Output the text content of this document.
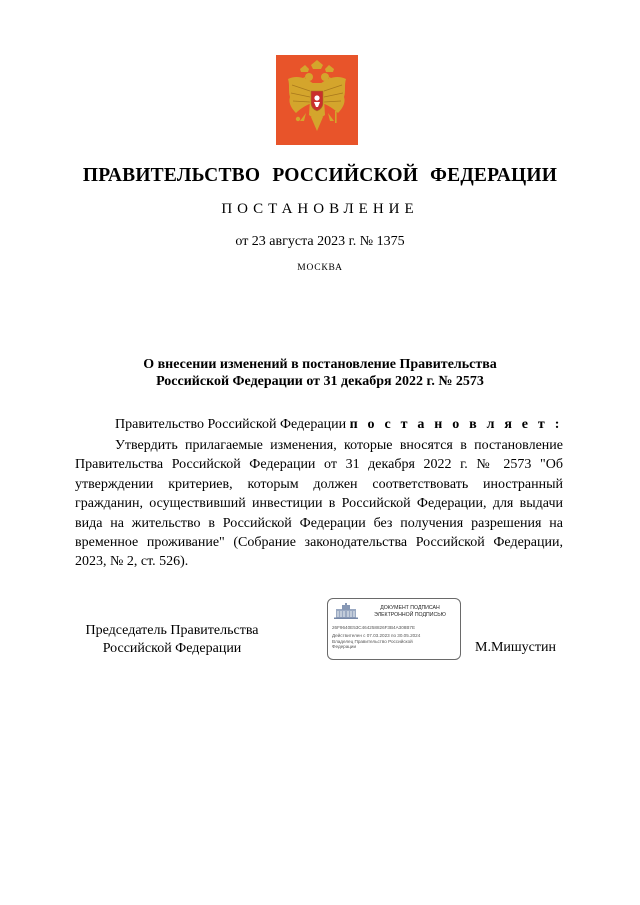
ПРАВИТЕЛЬСТВО РОССИЙСКОЙ ФЕДЕРАЦИИ
ПОСТАНОВЛЕНИЕ
от 23 августа 2023 г. № 1375
МОСКВА
О внесении изменений в постановление Правительства
Российской Федерации от 31 декабря 2022 г. № 2573
Правительство Российской Федерации п о с т а н о в л я е т :

Утвердить прилагаемые изменения, которые вносятся в постановление Правительства Российской Федерации от 31 декабря 2022 г. № 2573 "Об утверждении критериев, которым должен соответствовать иностранный гражданин, осуществивший инвестиции в Российской Федерации, для выдачи вида на жительство в Российской Федерации без получения разрешения на временное проживание" (Собрание законодательства Российской Федерации, 2023, № 2, ст. 526).

Председатель Правительства
Российской Федерации
ДОКУМЕНТ ПОДПИСАН
ЭЛЕКТРОННОЙ ПОДПИСЬЮ
26F9640E53C464258826F3B4A308B7E
Действителен с 07.03.2023 по 30.05.2024
Владелец Правительство Российской
Федерации	М.Мишустин
